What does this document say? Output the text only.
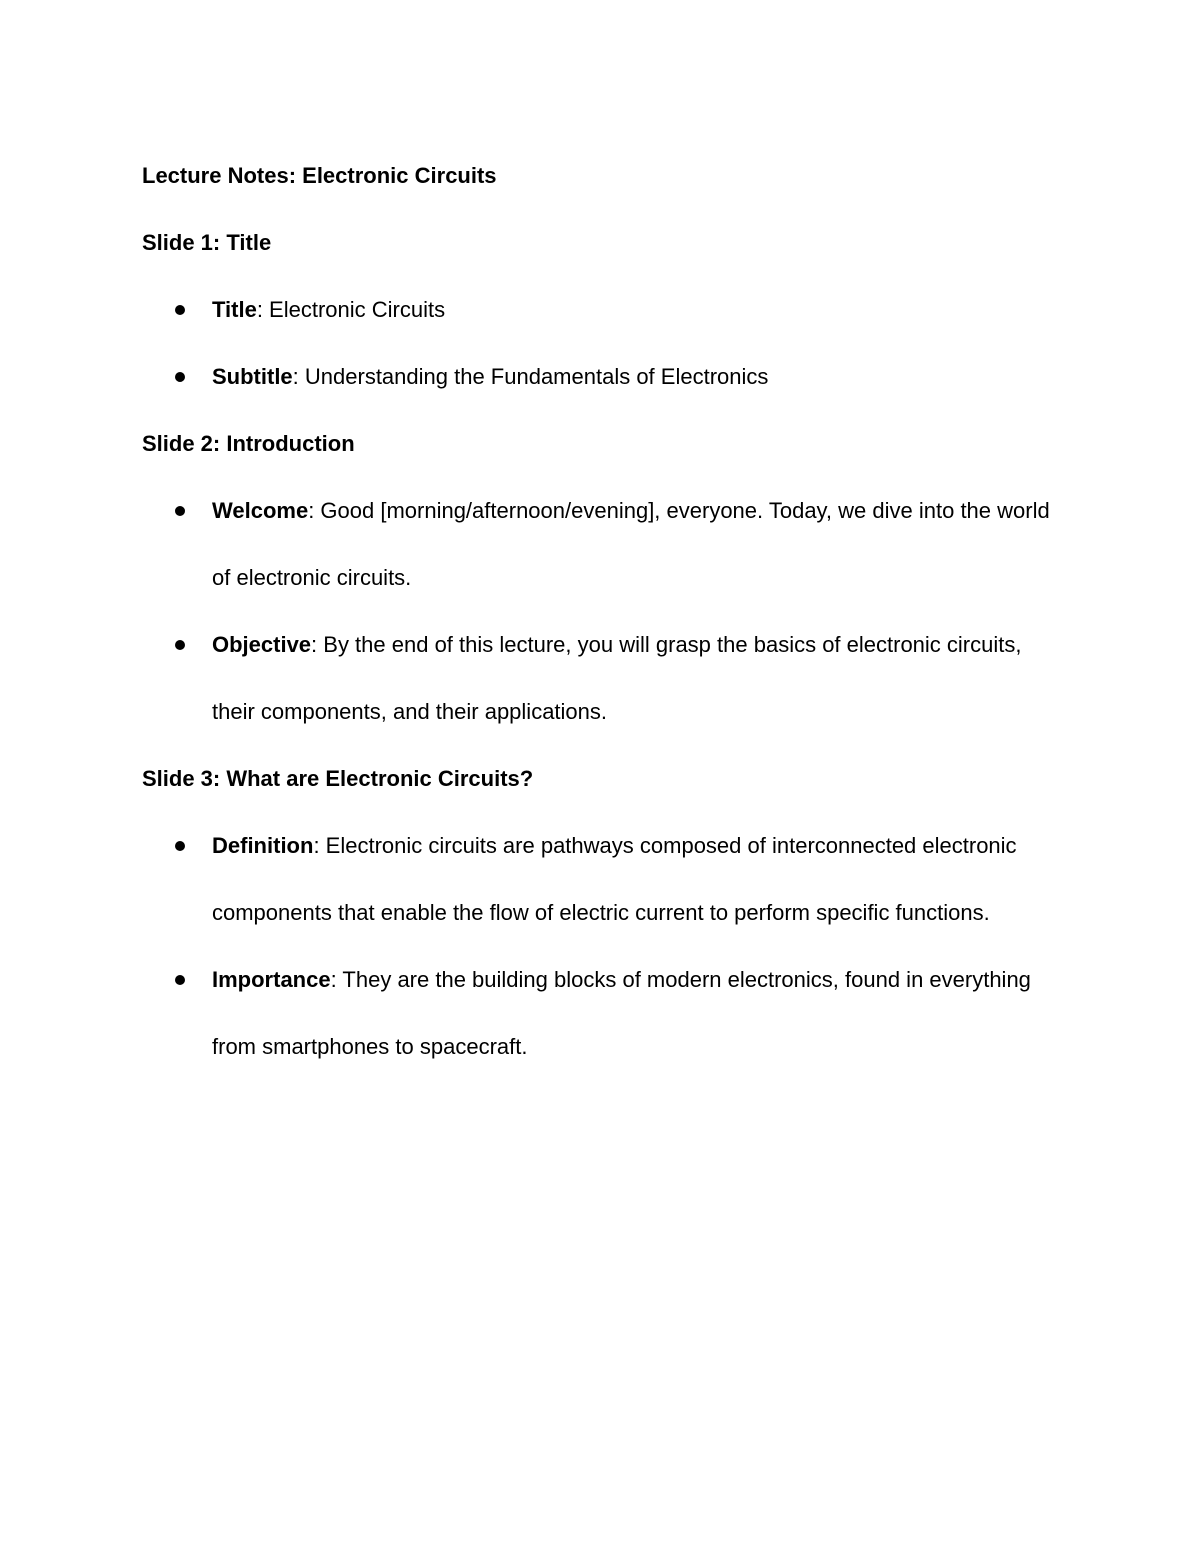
Lecture Notes: Electronic Circuits

Slide 1: Title

Title: Electronic Circuits
Subtitle: Understanding the Fundamentals of Electronics

Slide 2: Introduction

Welcome: Good [morning/afternoon/evening], everyone. Today, we dive into the world of electronic circuits.
Objective: By the end of this lecture, you will grasp the basics of electronic circuits, their components, and their applications.

Slide 3: What are Electronic Circuits?

Definition: Electronic circuits are pathways composed of interconnected electronic components that enable the flow of electric current to perform specific functions.
Importance: They are the building blocks of modern electronics, found in everything from smartphones to spacecraft.
